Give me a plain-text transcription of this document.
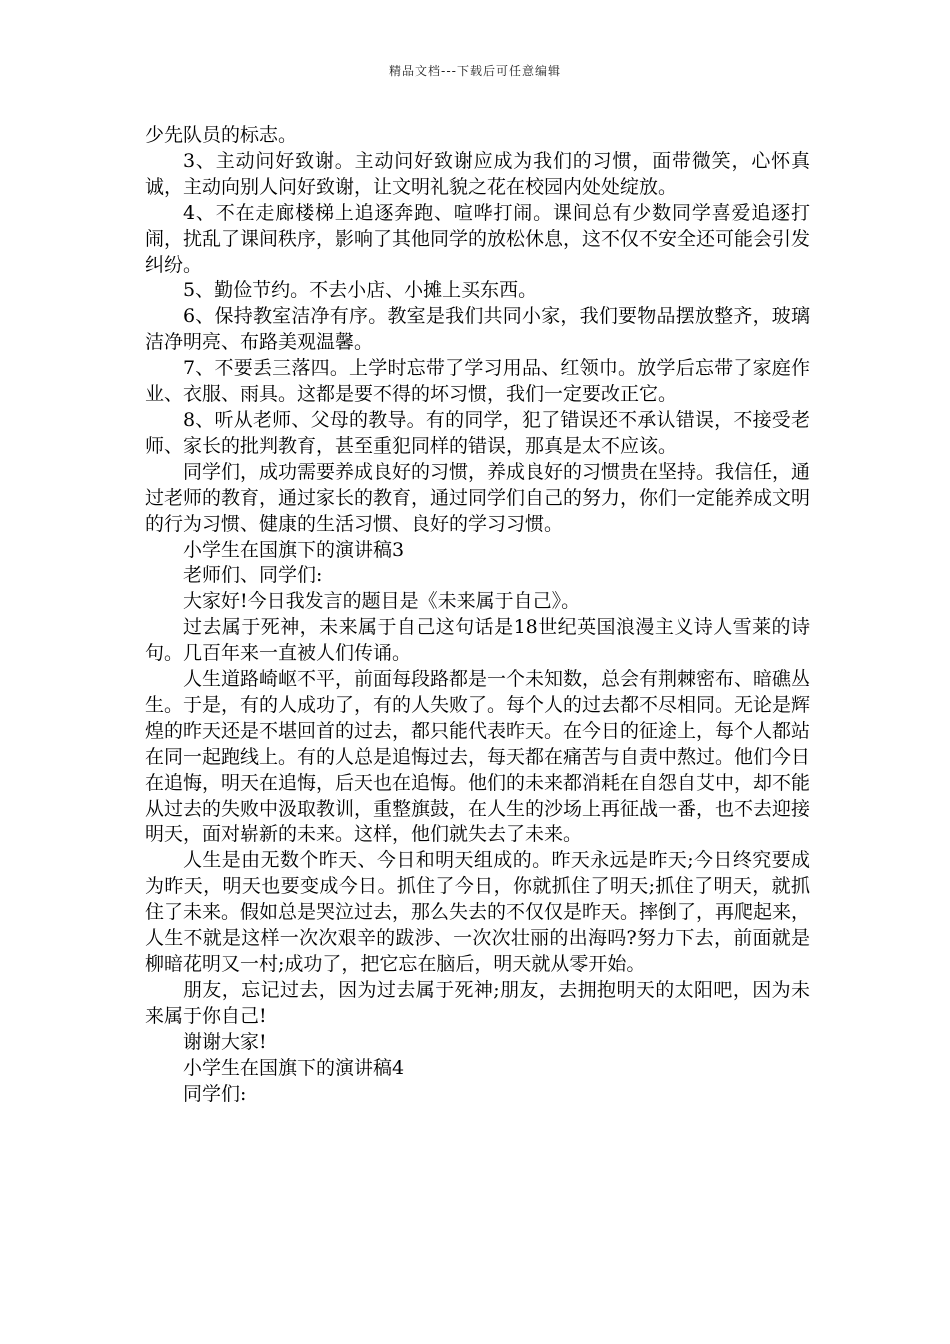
精品文档---下载后可任意编辑

少先队员的标志。

3、主动问好致谢。主动问好致谢应成为我们的习惯，面带微笑，心怀真诚，主动向别人问好致谢，让文明礼貌之花在校园内处处绽放。

4、不在走廊楼梯上追逐奔跑、喧哗打闹。课间总有少数同学喜爱追逐打闹，扰乱了课间秩序，影响了其他同学的放松休息，这不仅不安全还可能会引发纠纷。

5、勤俭节约。不去小店、小摊上买东西。

6、保持教室洁净有序。教室是我们共同小家，我们要物品摆放整齐，玻璃洁净明亮、布路美观温馨。

7、不要丢三落四。上学时忘带了学习用品、红领巾。放学后忘带了家庭作业、衣服、雨具。这都是要不得的坏习惯，我们一定要改正它。

8、听从老师、父母的教导。有的同学，犯了错误还不承认错误，不接受老师、家长的批判教育，甚至重犯同样的错误，那真是太不应该。

同学们，成功需要养成良好的习惯，养成良好的习惯贵在坚持。我信任，通过老师的教育，通过家长的教育，通过同学们自己的努力，你们一定能养成文明的行为习惯、健康的生活习惯、良好的学习习惯。

小学生在国旗下的演讲稿3

老师们、同学们:

大家好!今日我发言的题目是《未来属于自己》。

过去属于死神，未来属于自己这句话是18世纪英国浪漫主义诗人雪莱的诗句。几百年来一直被人们传诵。

人生道路崎岖不平，前面每段路都是一个未知数，总会有荆棘密布、暗礁丛生。于是，有的人成功了，有的人失败了。每个人的过去都不尽相同。无论是辉煌的昨天还是不堪回首的过去，都只能代表昨天。在今日的征途上，每个人都站在同一起跑线上。有的人总是追悔过去，每天都在痛苦与自责中熬过。他们今日在追悔，明天在追悔，后天也在追悔。他们的未来都消耗在自怨自艾中，却不能从过去的失败中汲取教训，重整旗鼓，在人生的沙场上再征战一番，也不去迎接明天，面对崭新的未来。这样，他们就失去了未来。

人生是由无数个昨天、今日和明天组成的。昨天永远是昨天;今日终究要成为昨天，明天也要变成今日。抓住了今日，你就抓住了明天;抓住了明天，就抓住了未来。假如总是哭泣过去，那么失去的不仅仅是昨天。摔倒了，再爬起来，人生不就是这样一次次艰辛的跋涉、一次次壮丽的出海吗?努力下去，前面就是柳暗花明又一村;成功了，把它忘在脑后，明天就从零开始。

朋友，忘记过去，因为过去属于死神;朋友，去拥抱明天的太阳吧，因为未来属于你自己!

谢谢大家!

小学生在国旗下的演讲稿4

同学们:
